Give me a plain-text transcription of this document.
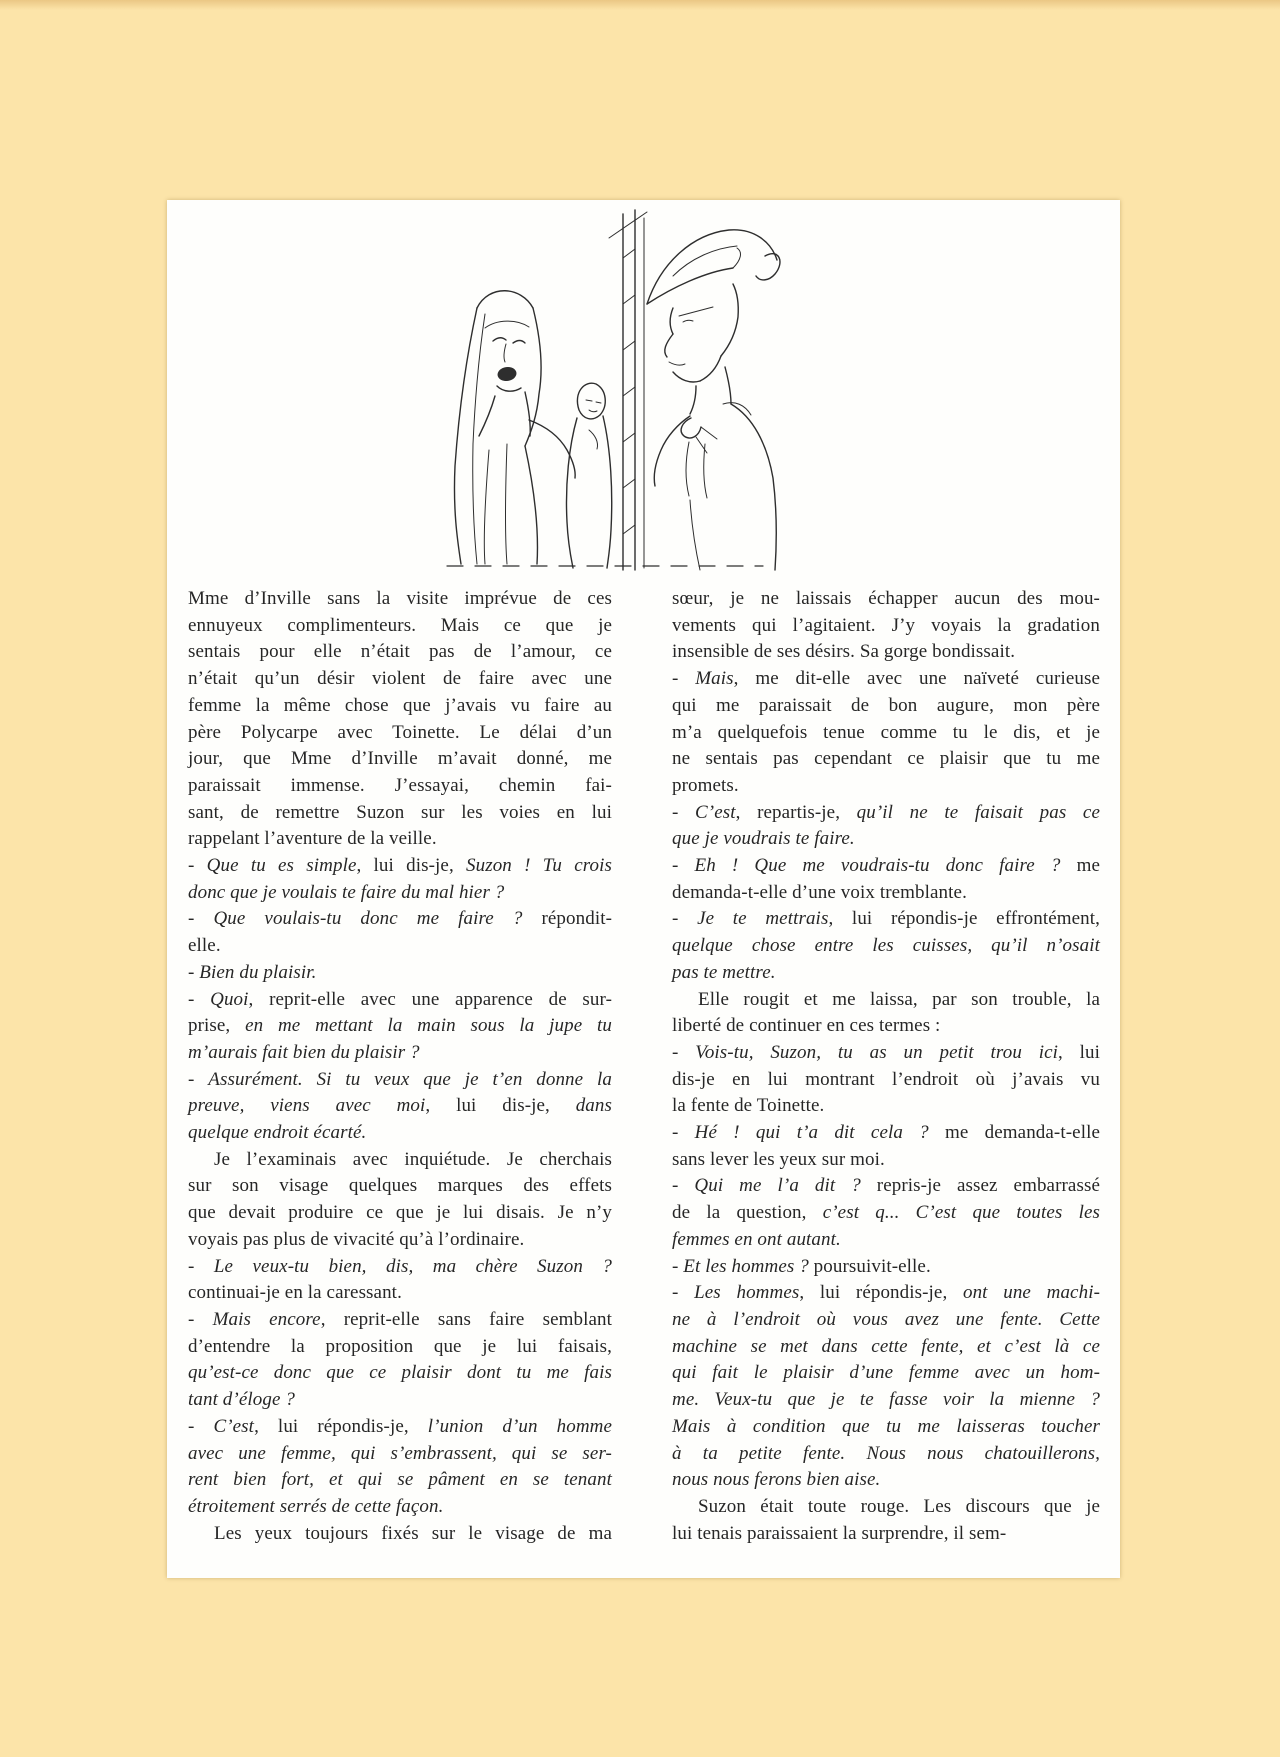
Mme d’Inville sans la visite imprévue de ces
ennuyeux complimenteurs. Mais ce que je
sentais pour elle n’était pas de l’amour, ce
n’était qu’un désir violent de faire avec une
femme la même chose que j’avais vu faire au
père Polycarpe avec Toinette. Le délai d’un
jour, que Mme d’Inville m’avait donné, me
paraissait immense. J’essayai, chemin fai-
sant, de remettre Suzon sur les voies en lui
rappelant l’aventure de la veille.
- Que tu es simple, lui dis-je, Suzon ! Tu crois
donc que je voulais te faire du mal hier ?
- Que voulais-tu donc me faire ? répondit-
elle.
- Bien du plaisir.
- Quoi, reprit-elle avec une apparence de sur-
prise, en me mettant la main sous la jupe tu
m’aurais fait bien du plaisir ?
- Assurément. Si tu veux que je t’en donne la
preuve, viens avec moi, lui dis-je, dans
quelque endroit écarté.
Je l’examinais avec inquiétude. Je cherchais
sur son visage quelques marques des effets
que devait produire ce que je lui disais. Je n’y
voyais pas plus de vivacité qu’à l’ordinaire.
- Le veux-tu bien, dis, ma chère Suzon ?
continuai-je en la caressant.
- Mais encore, reprit-elle sans faire semblant
d’entendre la proposition que je lui faisais,
qu’est-ce donc que ce plaisir dont tu me fais
tant d’éloge ?
- C’est, lui répondis-je, l’union d’un homme
avec une femme, qui s’embrassent, qui se ser-
rent bien fort, et qui se pâment en se tenant
étroitement serrés de cette façon.
Les yeux toujours fixés sur le visage de ma
sœur, je ne laissais échapper aucun des mou-
vements qui l’agitaient. J’y voyais la gradation
insensible de ses désirs. Sa gorge bondissait.
- Mais, me dit-elle avec une naïveté curieuse
qui me paraissait de bon augure, mon père
m’a quelquefois tenue comme tu le dis, et je
ne sentais pas cependant ce plaisir que tu me
promets.
- C’est, repartis-je, qu’il ne te faisait pas ce
que je voudrais te faire.
- Eh ! Que me voudrais-tu donc faire ? me
demanda-t-elle d’une voix tremblante.
- Je te mettrais, lui répondis-je effrontément,
quelque chose entre les cuisses, qu’il n’osait
pas te mettre.
Elle rougit et me laissa, par son trouble, la
liberté de continuer en ces termes :
- Vois-tu, Suzon, tu as un petit trou ici, lui
dis-je en lui montrant l’endroit où j’avais vu
la fente de Toinette.
- Hé ! qui t’a dit cela ? me demanda-t-elle
sans lever les yeux sur moi.
- Qui me l’a dit ? repris-je assez embarrassé
de la question, c’est q... C’est que toutes les
femmes en ont autant.
- Et les hommes ? poursuivit-elle.
- Les hommes, lui répondis-je, ont une machi-
ne à l’endroit où vous avez une fente. Cette
machine se met dans cette fente, et c’est là ce
qui fait le plaisir d’une femme avec un hom-
me. Veux-tu que je te fasse voir la mienne ?
Mais à condition que tu me laisseras toucher
à ta petite fente. Nous nous chatouillerons,
nous nous ferons bien aise.
Suzon était toute rouge. Les discours que je
lui tenais paraissaient la surprendre, il sem-
